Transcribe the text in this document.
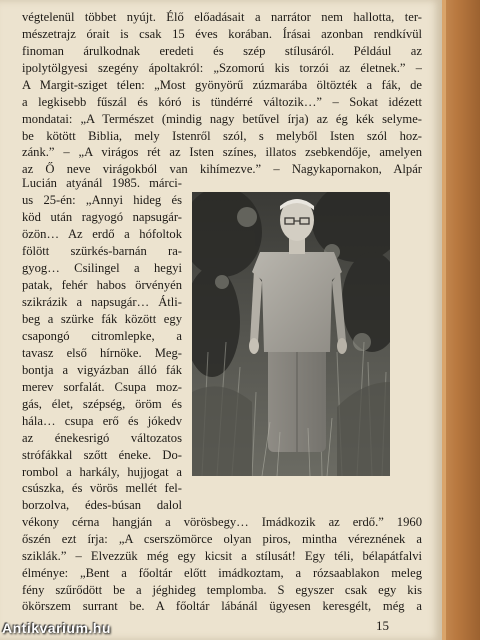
végtelenül többet nyújt. Élő előadásait a narrátor nem hallotta, ter-
mészetrajz órait is csak 15 éves korában. Írásai azonban rendkívül
finoman árulkodnak eredeti és szép stílusáról. Például az
ipolytölgyesi szegény ápoltakról: „Szomorú kis torzói az életnek.” –
A Margit-sziget télen: „Most gyönyörű zúzmarába öltözték a fák, de
a legkisebb fűszál és kóró is tündérré változik…” – Sokat idézett
mondatai: „A Természet (mindig nagy betűvel írja) az ég kék selyme-
be kötött Biblia, mely Istenről szól, s melyből Isten szól hoz-
zánk.” – „A virágos rét az Isten színes, illatos zsebkendője, amelyen
az Ő neve virágokból van kihímezve.” – Nagykapornakon, Alpár
Lucián atyánál 1985. márci-
us 25-én: „Annyi hideg és
köd után ragyogó napsugár-
özön… Az erdő a hófoltok
fölött szürkés-barnán ra-
gyog… Csilingel a hegyi
patak, fehér habos örvényén
szikrázik a napsugár… Átli-
beg a szürke fák között egy
csapongó citromlepke, a
tavasz első hírnöke. Meg-
bontja a vigyázban álló fák
merev sorfalát. Csupa moz-
gás, élet, szépség, öröm és
hála… csupa erő és jókedv
az énekesrigó változatos
strófákkal szőtt éneke. Do-
rombol a harkály, hujjogat a
csúszka, és vörös mellét fel-
borzolva, édes-búsan dalol
vékony cérna hangján a vörösbegy… Imádkozik az erdő.” 1960
őszén ezt írja: „A cserszömörce olyan piros, mintha véreznének a
sziklák.” – Elvezzük még egy kicsit a stílusát! Egy téli, bélapátfalvi
élménye: „Bent a főoltár előtt imádkoztam, a rózsaablakon meleg
fény szűrődött be a jéghideg templomba. S egyszer csak egy kis
ökörszem surrant be. A főoltár lábánál ügyesen keresgélt, még a
15
Antikvarium.hu
